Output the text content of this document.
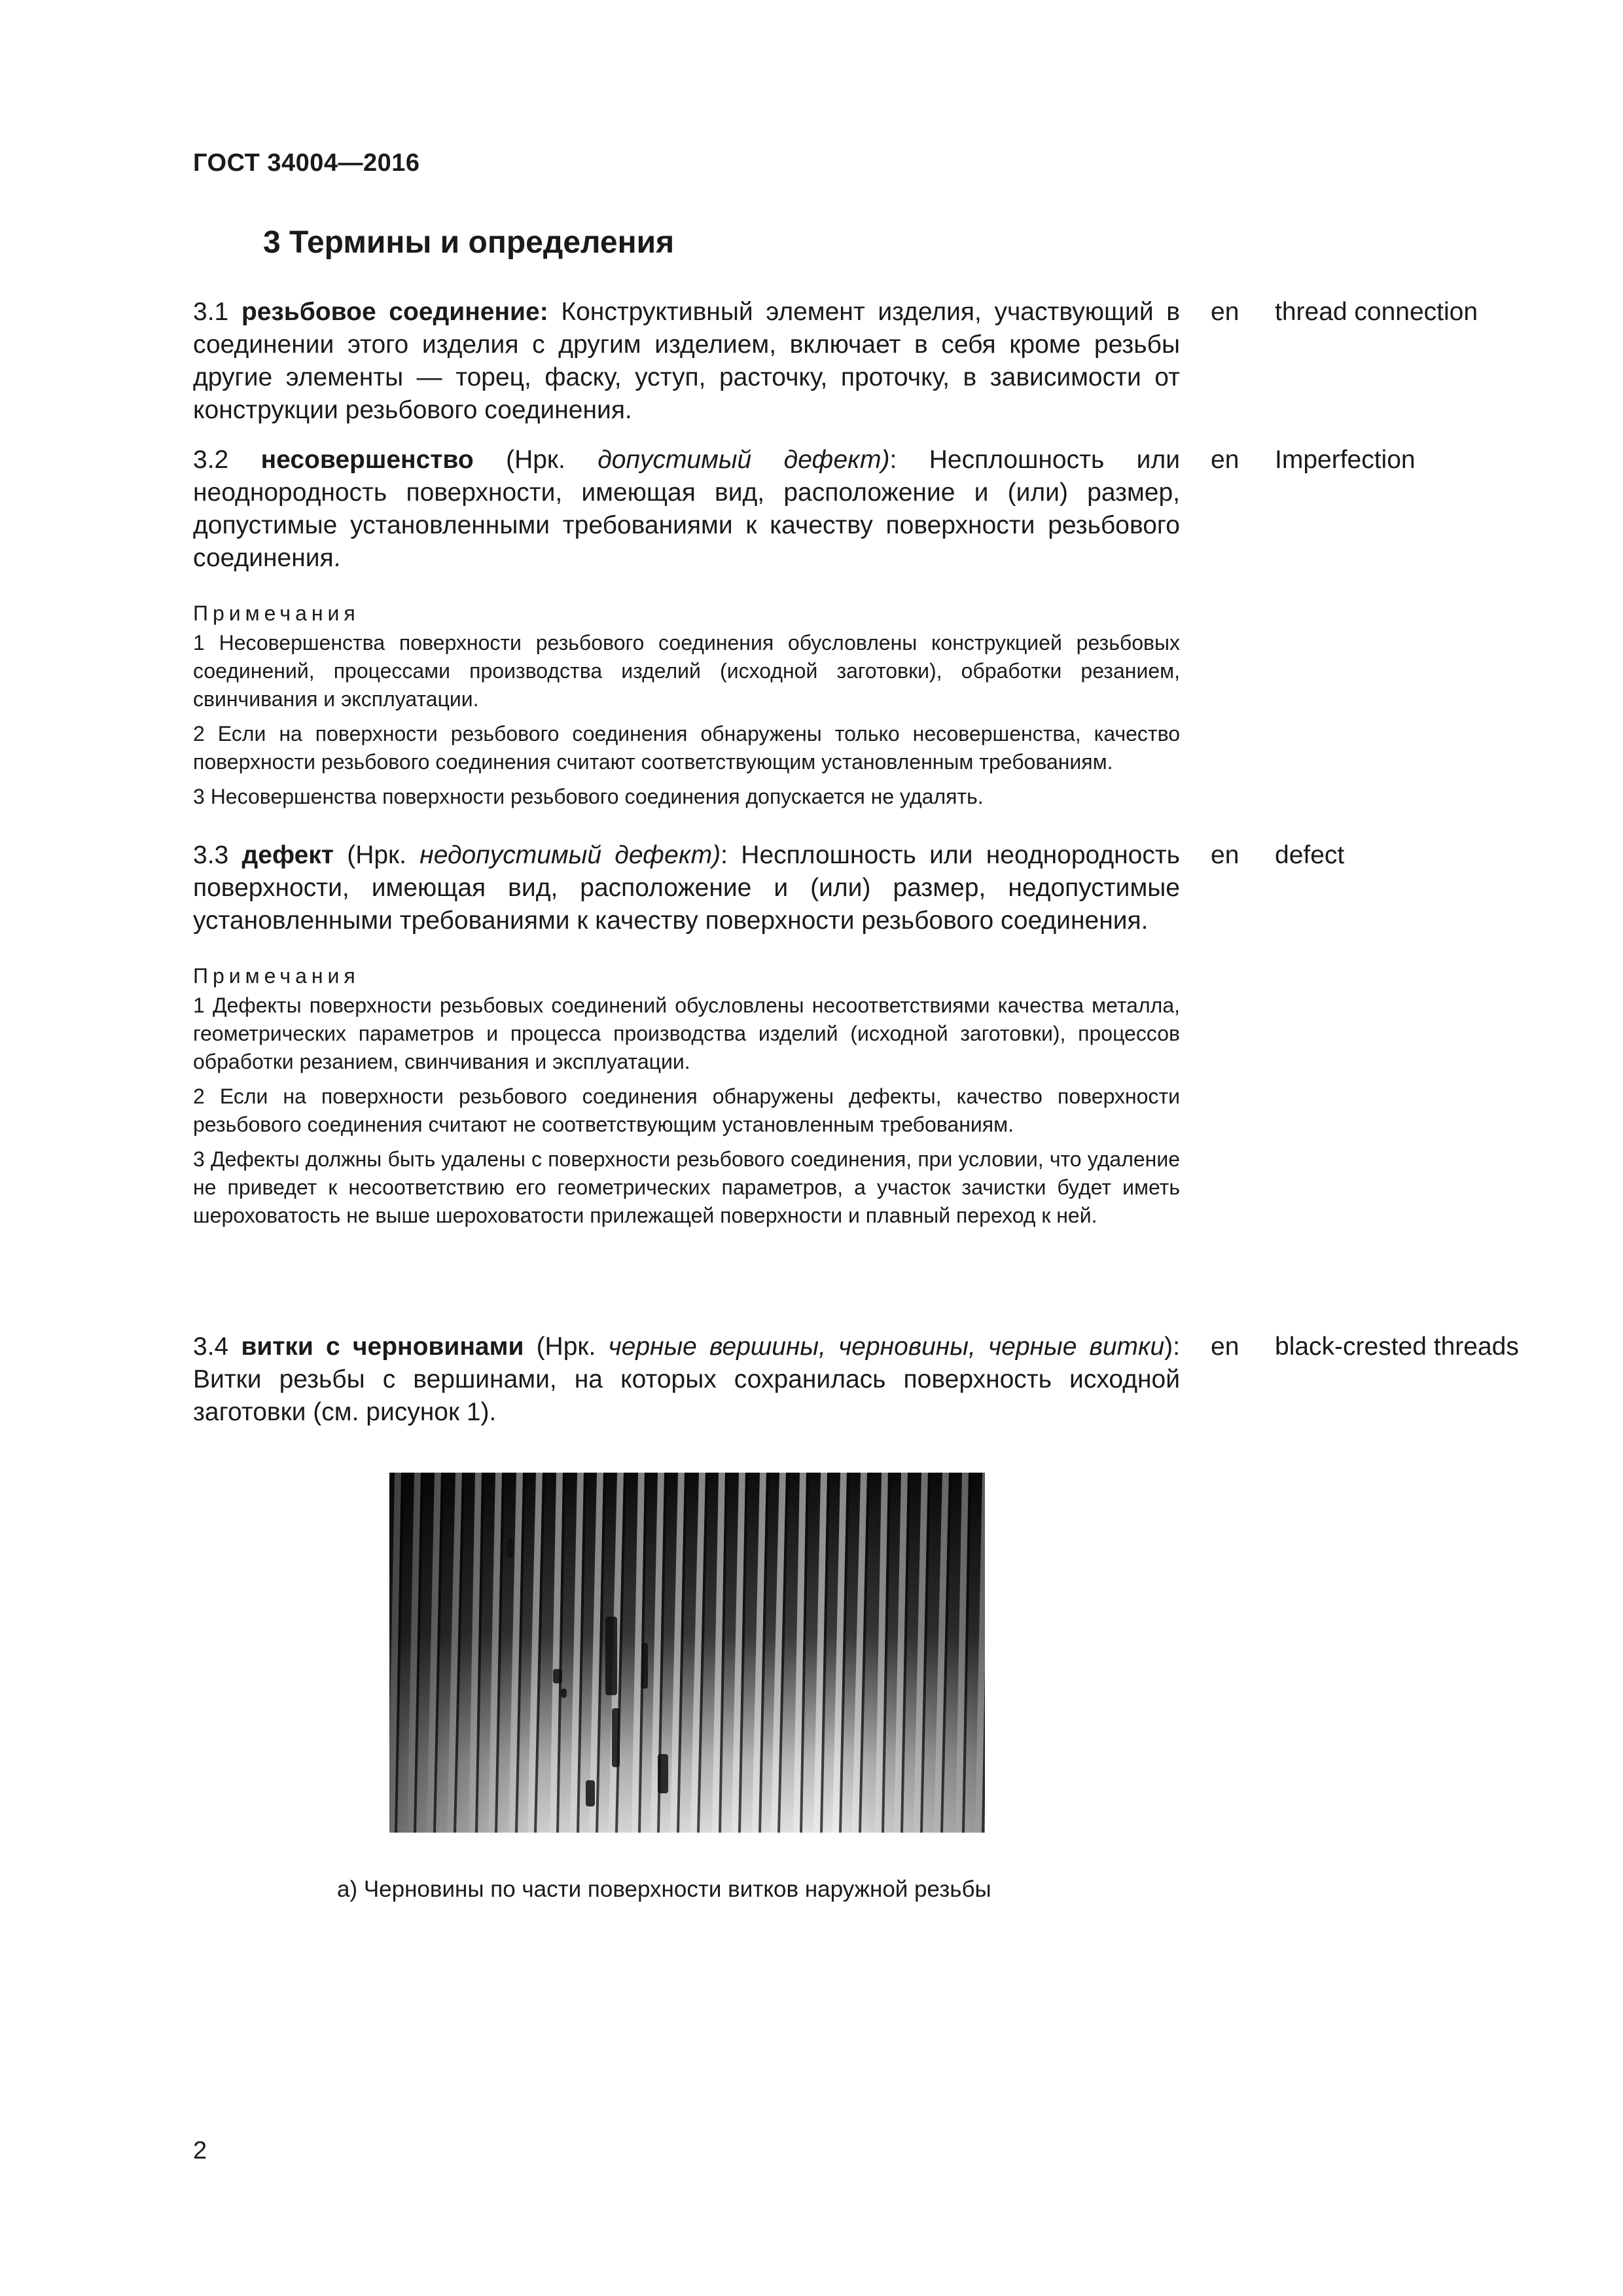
ГОСТ 34004—2016
3 Термины и определения
3.1 резьбовое соединение: Конструктивный элемент изделия, участвующий в соединении этого изделия с другим изделием, включает в себя кроме резьбы другие элементы — торец, фаску, уступ, расточку, проточку, в зависимости от конструкции резьбового соединения.
en thread connection
3.2 несовершенство (Нрк. допустимый дефект): Несплошность или неоднородность поверхности, имеющая вид, расположение и (или) размер, допустимые установленными требованиями к качеству поверхности резьбового соединения.
Примечания
1 Несовершенства поверхности резьбового соединения обусловлены конструкцией резьбовых соединений, процессами производства изделий (исходной заготовки), обработки резанием, свинчивания и эксплуатации.
2 Если на поверхности резьбового соединения обнаружены только несовершенства, качество поверхности резьбового соединения считают соответствующим установленным требованиям.
3 Несовершенства поверхности резьбового соединения допускается не удалять.
en Imperfection
3.3 дефект (Нрк. недопустимый дефект): Несплошность или неоднородность поверхности, имеющая вид, расположение и (или) размер, недопустимые установленными требованиями к качеству поверхности резьбового соединения.
Примечания
1 Дефекты поверхности резьбовых соединений обусловлены несоответствиями качества металла, геометрических параметров и процесса производства изделий (исходной заготовки), процессов обработки резанием, свинчивания и эксплуатации.
2 Если на поверхности резьбового соединения обнаружены дефекты, качество поверхности резьбового соединения считают не соответствующим установленным требованиям.
3 Дефекты должны быть удалены с поверхности резьбового соединения, при условии, что удаление не приведет к несоответствию его геометрических параметров, а участок зачистки будет иметь шероховатость не выше шероховатости прилежащей поверхности и плавный переход к ней.
en defect
3.4 витки с черновинами (Нрк. черные вершины, черновины, черные витки): Витки резьбы с вершинами, на которых сохранилась поверхность исходной заготовки (см. рисунок 1).
en black-crested threads
а) Черновины по части поверхности витков наружной резьбы
2
